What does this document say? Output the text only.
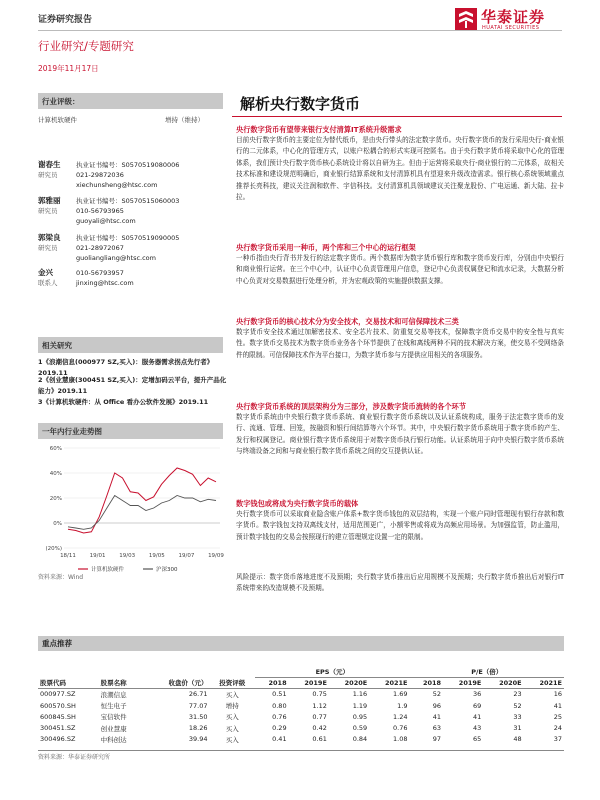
证券研究报告
行业研究/专题研究
2019年11月17日
华泰证券
HUATAI SECURITIES
行业评级：
计算机软硬件	增持（维持）
谢春生
研究员
执业证书编号：S0570519080006
021-29872036
xiechunsheng@htsc.com
郭雅丽
研究员
执业证书编号：S0570515060003
010-56793965
guoyali@htsc.com
郭梁良
研究员
执业证书编号：S0570519090005
021-28972067
guoliangliang@htsc.com
金兴
联系人
010-56793957
jinxing@htsc.com
相关研究
1《浪潮信息(000977 SZ,买入)：服务器需求拐点先行者》2019.11
2《创业慧康(300451 SZ,买入)：定增加码云平台，提升产品化能力》2019.11
3《计算机软硬件：从 Office 看办公软件发展》2019.11
一年内行业走势图
60%
40%
20%
0%
(20%)
18/11 19/01 19/03 19/05 19/07 19/09
计算机软硬件	沪深300
资料来源：Wind
解析央行数字货币
央行数字货币有望带来银行支付清算IT系统升级需求
目前央行数字货币的主要定位为替代纸币，是由央行带头的法定数字货币。央行数字货币的发行采用央行-商业银行的二元体系，中心化的管理方式，以账户松耦合的形式实现可控匿名。由于央行数字货币将采取中心化的管理体系，我们预计央行数字货币核心系统设计将以自研为主。但由于运营将采取央行-商业银行的二元体系，故相关技术标准和建设规范明确后，商业银行结算系统和支付清算机具有望迎来升级改造需求。银行核心系统领域重点推荐长亮科技，建议关注润和软件、宇信科技。支付清算机具领域建议关注聚龙股份、广电运通、新大陆、拉卡拉。
央行数字货币采用一种币，两个库和三个中心的运行框架
一种币指由央行背书并发行的法定数字货币。两个数据库为数字货币银行库和数字货币发行库，分别由中央银行和商业银行运营。在三个中心中，认证中心负责管理用户信息，登记中心负责权属登记和流水记录，大数据分析中心负责对交易数据进行处理分析，并为宏观政策的实施提供数据支撑。
央行数字货币的核心技术分为安全技术，交易技术和可信保障技术三类
数字货币安全技术通过加解密技术、安全芯片技术、防重复交易等技术，保障数字货币交易中的安全性与真实性。数字货币交易技术为数字货币业务各个环节提供了在线和离线两种不同的技术解决方案，使交易不受网络条件的限制。可信保障技术作为平台接口，为数字货币参与方提供应用相关的各项服务。
央行数字货币系统的顶层架构分为三部分，涉及数字货币流转的各个环节
数字货币系统由中央银行数字货币系统、商业银行数字货币系统以及认证系统构成，服务于法定数字货币的发行、流通、管理、回笼，按融资和银行间结算等六个环节。其中，中央银行数字货币系统用于数字货币的产生、发行和权属登记。商业银行数字货币系统用于对数字货币执行银行功能。认证系统用于向中央银行数字货币系统与终端设备之间和与商业银行数字货币系统之间的交互提供认证。
数字钱包或将成为央行数字货币的载体
央行数字货币可以采取商业隐含账户体系+数字货币钱包的双层结构，实现一个账户同时管理现有银行存款和数字货币。数字钱包支持双离线支付，适用范围更广，小额零售或将成为高频应用场景。为加强监管，防止滥用，预计数字钱包的交易会按照现行的建立管理规定设置一定的限制。
风险提示：数字货币落地进度不及预期；央行数字货币推出后应用规模不及预期；央行数字货币推出后对银行IT系统带来的改造规模不及预期。
重点推荐
				EPS（元）				P/E（倍）			
股票代码	股票名称	收盘价（元）	投资评级	2018	2019E	2020E	2021E	2018	2019E	2020E	2021E
000977.SZ	浪潮信息	26.71	买入	0.51	0.75	1.16	1.69	52	36	23	16
600570.SH	恒生电子	77.07	增持	0.80	1.12	1.19	1.9	96	69	52	41
600845.SH	宝信软件	31.50	买入	0.76	0.77	0.95	1.24	41	41	33	25
300451.SZ	创业慧康	18.26	买入	0.29	0.42	0.59	0.76	63	43	31	24
300496.SZ	中科创达	39.94	买入	0.41	0.61	0.84	1.08	97	65	48	37
资料来源：华泰证券研究所
